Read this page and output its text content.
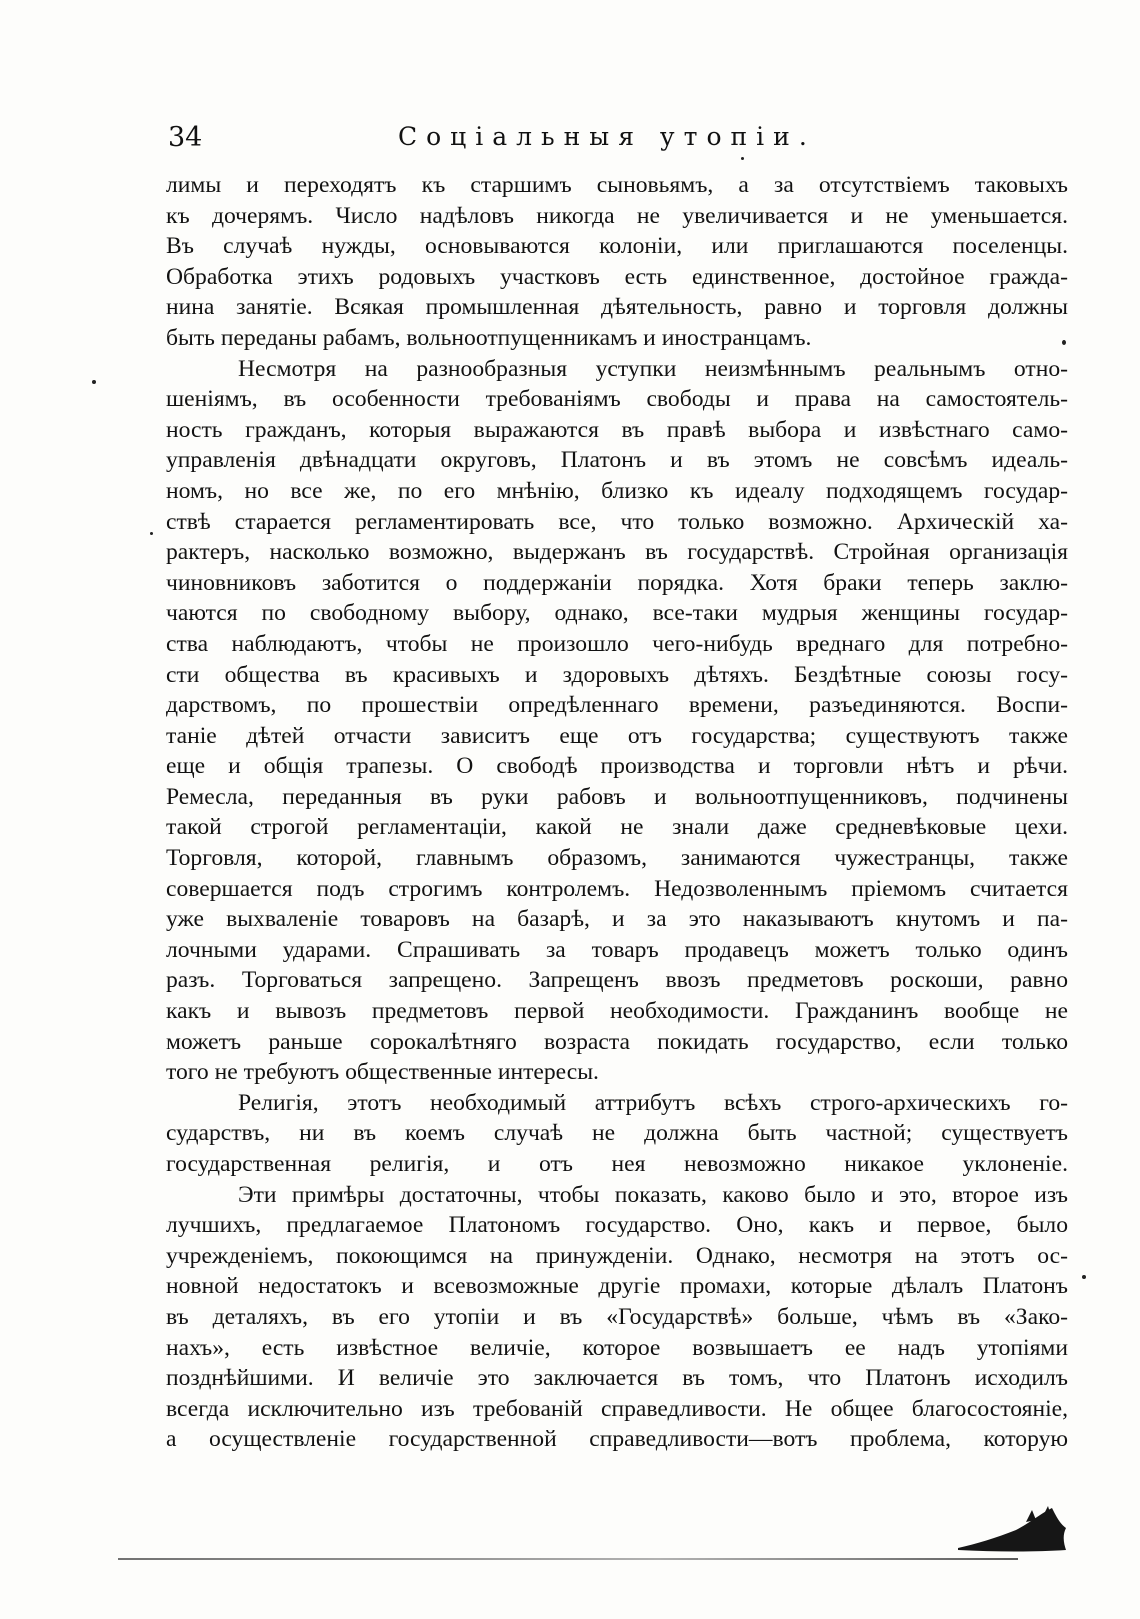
34	Соціальныя утопіи.
лимы и переходятъ къ старшимъ сыновьямъ, а за отсутствіемъ таковыхъ
къ дочерямъ. Число надѣловъ никогда не увеличивается и не уменьшается.
Въ случаѣ нужды, основываются колоніи, или приглашаются поселенцы.
Обработка этихъ родовыхъ участковъ есть единственное, достойное гражда-
нина занятіе. Всякая промышленная дѣятельность, равно и торговля должны
быть переданы рабамъ, вольноотпущенникамъ и иностранцамъ.
Несмотря на разнообразныя уступки неизмѣннымъ реальнымъ отно-
шеніямъ, въ особенности требованіямъ свободы и права на самостоятель-
ность гражданъ, которыя выражаются въ правѣ выбора и извѣстнаго само-
управленія двѣнадцати округовъ, Платонъ и въ этомъ не совсѣмъ идеаль-
номъ, но все же, по его мнѣнію, близко къ идеалу подходящемъ государ-
ствѣ старается регламентировать все, что только возможно. Архическій ха-
рактеръ, насколько возможно, выдержанъ въ государствѣ. Стройная организація
чиновниковъ заботится о поддержаніи порядка. Хотя браки теперь заклю-
чаются по свободному выбору, однако, все-таки мудрыя женщины государ-
ства наблюдаютъ, чтобы не произошло чего-нибудь вреднаго для потребно-
сти общества въ красивыхъ и здоровыхъ дѣтяхъ. Бездѣтные союзы госу-
дарствомъ, по прошествіи опредѣленнаго времени, разъединяются. Воспи-
таніе дѣтей отчасти зависитъ еще отъ государства; существуютъ также
еще и общія трапезы. О свободѣ производства и торговли нѣтъ и рѣчи.
Ремесла, переданныя въ руки рабовъ и вольноотпущенниковъ, подчинены
такой строгой регламентаціи, какой не знали даже средневѣковые цехи.
Торговля, которой, главнымъ образомъ, занимаются чужестранцы, также
совершается подъ строгимъ контролемъ. Недозволеннымъ пріемомъ считается
уже выхваленіе товаровъ на базарѣ, и за это наказываютъ кнутомъ и па-
лочными ударами. Спрашивать за товаръ продавецъ можетъ только одинъ
разъ. Торговаться запрещено. Запрещенъ ввозъ предметовъ роскоши, равно
какъ и вывозъ предметовъ первой необходимости. Гражданинъ вообще не
можетъ раньше сорокалѣтняго возраста покидать государство, если только
того не требуютъ общественные интересы.
Религія, этотъ необходимый аттрибутъ всѣхъ строго-архическихъ го-
сударствъ, ни въ коемъ случаѣ не должна быть частной; существуетъ
государственная религія, и отъ нея невозможно никакое уклоненіе.
Эти примѣры достаточны, чтобы показать, каково было и это, второе изъ
лучшихъ, предлагаемое Платономъ государство. Оно, какъ и первое, было
учрежденіемъ, покоющимся на принужденіи. Однако, несмотря на этотъ ос-
новной недостатокъ и всевозможные другіе промахи, которые дѣлалъ Платонъ
въ деталяхъ, въ его утопіи и въ «Государствѣ» больше, чѣмъ въ «Зако-
нахъ», есть извѣстное величіе, которое возвышаетъ ее надъ утопіями
позднѣйшими. И величіе это заключается въ томъ, что Платонъ исходилъ
всегда исключительно изъ требованій справедливости. Не общее благосостояніе,
а осуществленіе государственной справедливости—вотъ проблема, которую
